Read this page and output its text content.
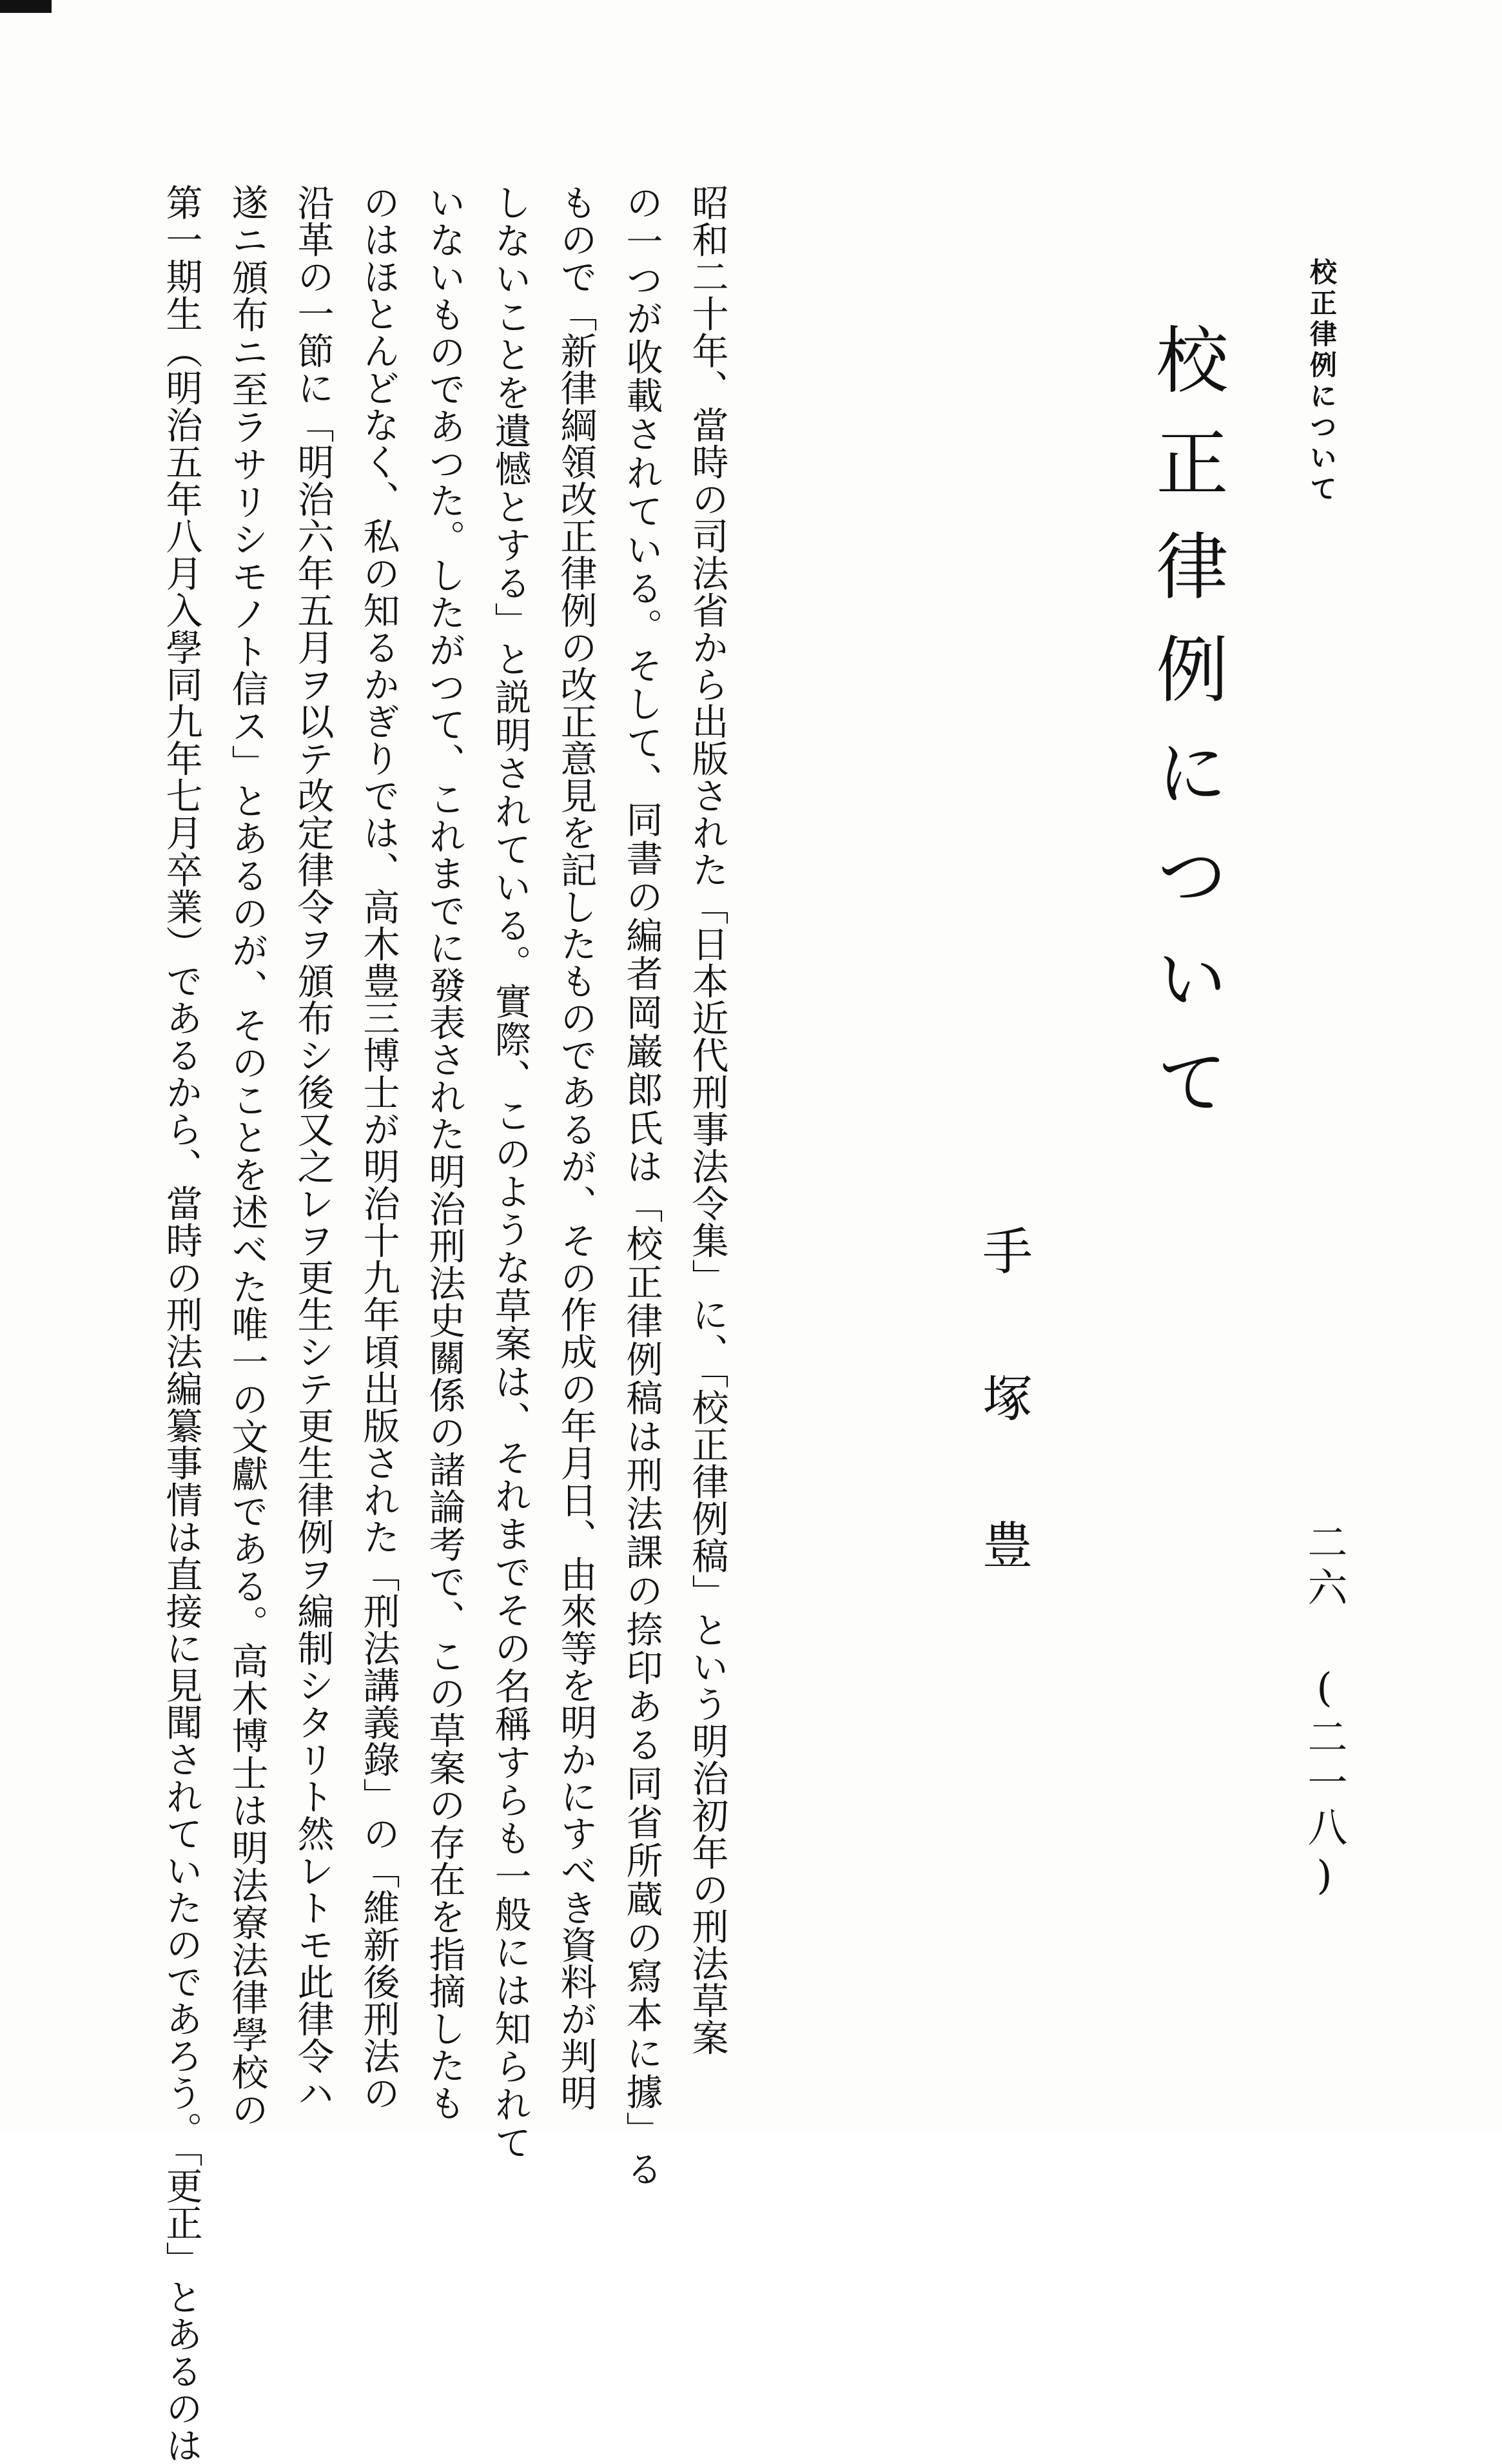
校正律例について
校正律例について
手塚豊
二六 (二一八)
昭和二十年、當時の司法省から出版された「日本近代刑事法令集」に、「校正律例稿」という明治初年の刑法草案
の一つが收載されている。そして、同書の編者岡巌郎氏は「校正律例稿は刑法課の捺印ある同省所蔵の寫本に據」る
もので「新律綱領改正律例の改正意見を記したものであるが、その作成の年月日、由來等を明かにすべき資料が判明
しないことを遺憾とする」と説明されている。實際、このような草案は、それまでその名稱すらも一般には知られて
いないものであつた。したがつて、これまでに發表された明治刑法史關係の諸論考で、この草案の存在を指摘したも
のはほとんどなく、私の知るかぎりでは、高木豊三博士が明治十九年頃出版された「刑法講義錄」の「維新後刑法の
沿革の一節に「明治六年五月ヲ以テ改定律令ヲ頒布シ後又之レヲ更生シテ更生律例ヲ編制シタリト然レトモ此律令ハ
遂ニ頒布ニ至ラサリシモノト信ス」とあるのが、そのことを述べた唯一の文獻である。高木博士は明法寮法律學校の
第一期生（明治五年八月入學同九年七月卒業）であるから、當時の刑法編纂事情は直接に見聞されていたのであろう。「更正」とあるのは
